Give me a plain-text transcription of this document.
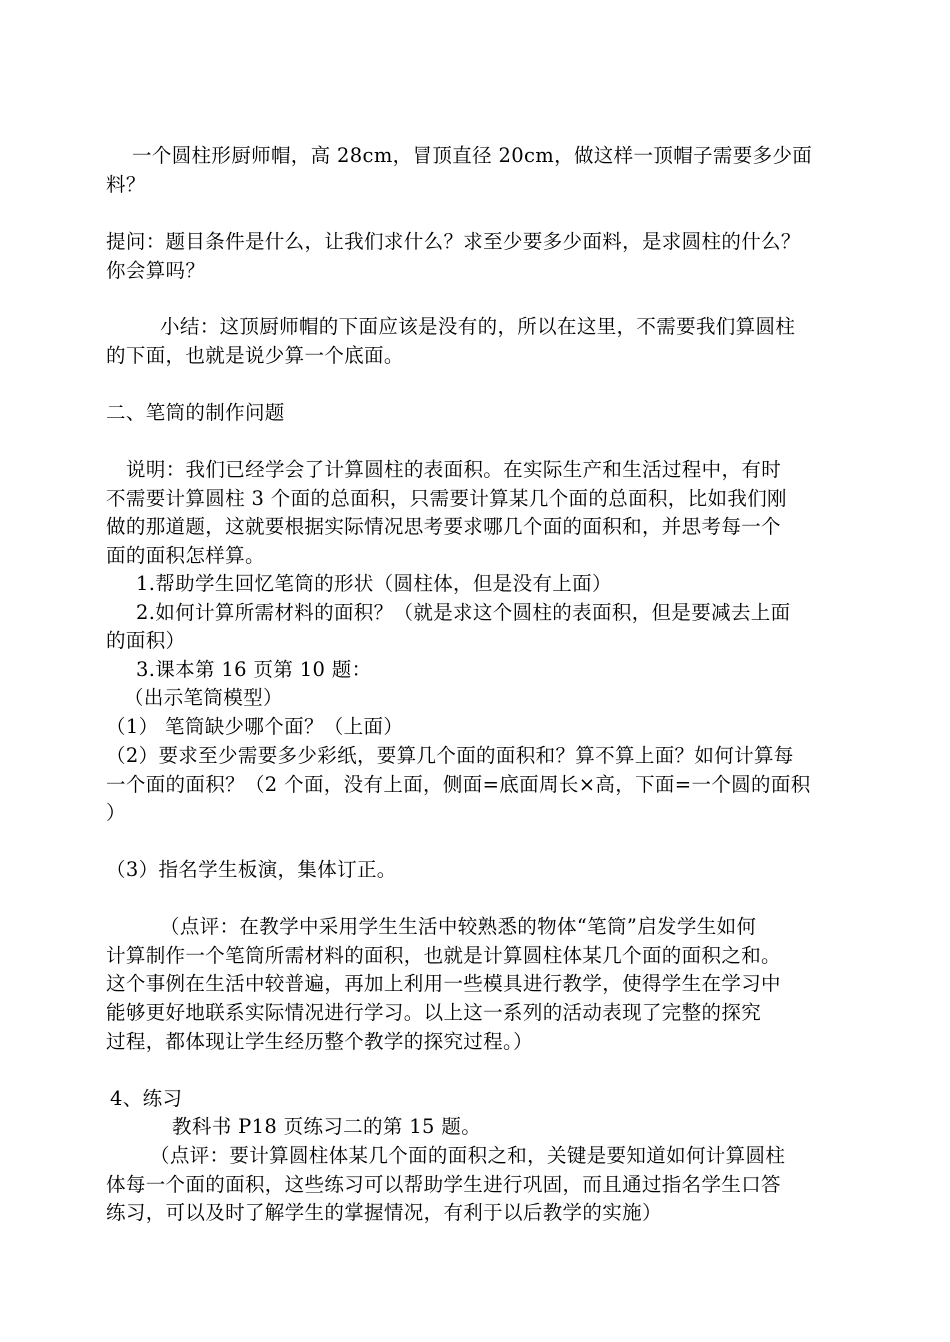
一个圆柱形厨师帽，高 28cm，冒顶直径 20cm，做这样一顶帽子需要多少面
料？
提问：题目条件是什么，让我们求什么？求至少要多少面料，是求圆柱的什么？
你会算吗？
小结：这顶厨师帽的下面应该是没有的，所以在这里，不需要我们算圆柱
的下面，也就是说少算一个底面。
二、笔筒的制作问题
说明：我们已经学会了计算圆柱的表面积。在实际生产和生活过程中，有时
不需要计算圆柱 3 个面的总面积，只需要计算某几个面的总面积，比如我们刚
做的那道题，这就要根据实际情况思考要求哪几个面的面积和，并思考每一个
面的面积怎样算。
1.帮助学生回忆笔筒的形状（圆柱体，但是没有上面）
2.如何计算所需材料的面积？（就是求这个圆柱的表面积，但是要减去上面
的面积）
3.课本第 16 页第 10 题：
（出示笔筒模型）
（1） 笔筒缺少哪个面？（上面）
（2）要求至少需要多少彩纸，要算几个面的面积和？算不算上面？如何计算每
一个面的面积？（2 个面，没有上面，侧面=底面周长×高，下面=一个圆的面积
）
（3）指名学生板演，集体订正。
（点评：在教学中采用学生生活中较熟悉的物体“笔筒”启发学生如何
计算制作一个笔筒所需材料的面积，也就是计算圆柱体某几个面的面积之和。
这个事例在生活中较普遍，再加上利用一些模具进行教学，使得学生在学习中
能够更好地联系实际情况进行学习。以上这一系列的活动表现了完整的探究
过程，都体现让学生经历整个教学的探究过程。）
4、练习
教科书 P18 页练习二的第 15 题。
（点评：要计算圆柱体某几个面的面积之和，关键是要知道如何计算圆柱
体每一个面的面积，这些练习可以帮助学生进行巩固，而且通过指名学生口答
练习，可以及时了解学生的掌握情况，有利于以后教学的实施）
